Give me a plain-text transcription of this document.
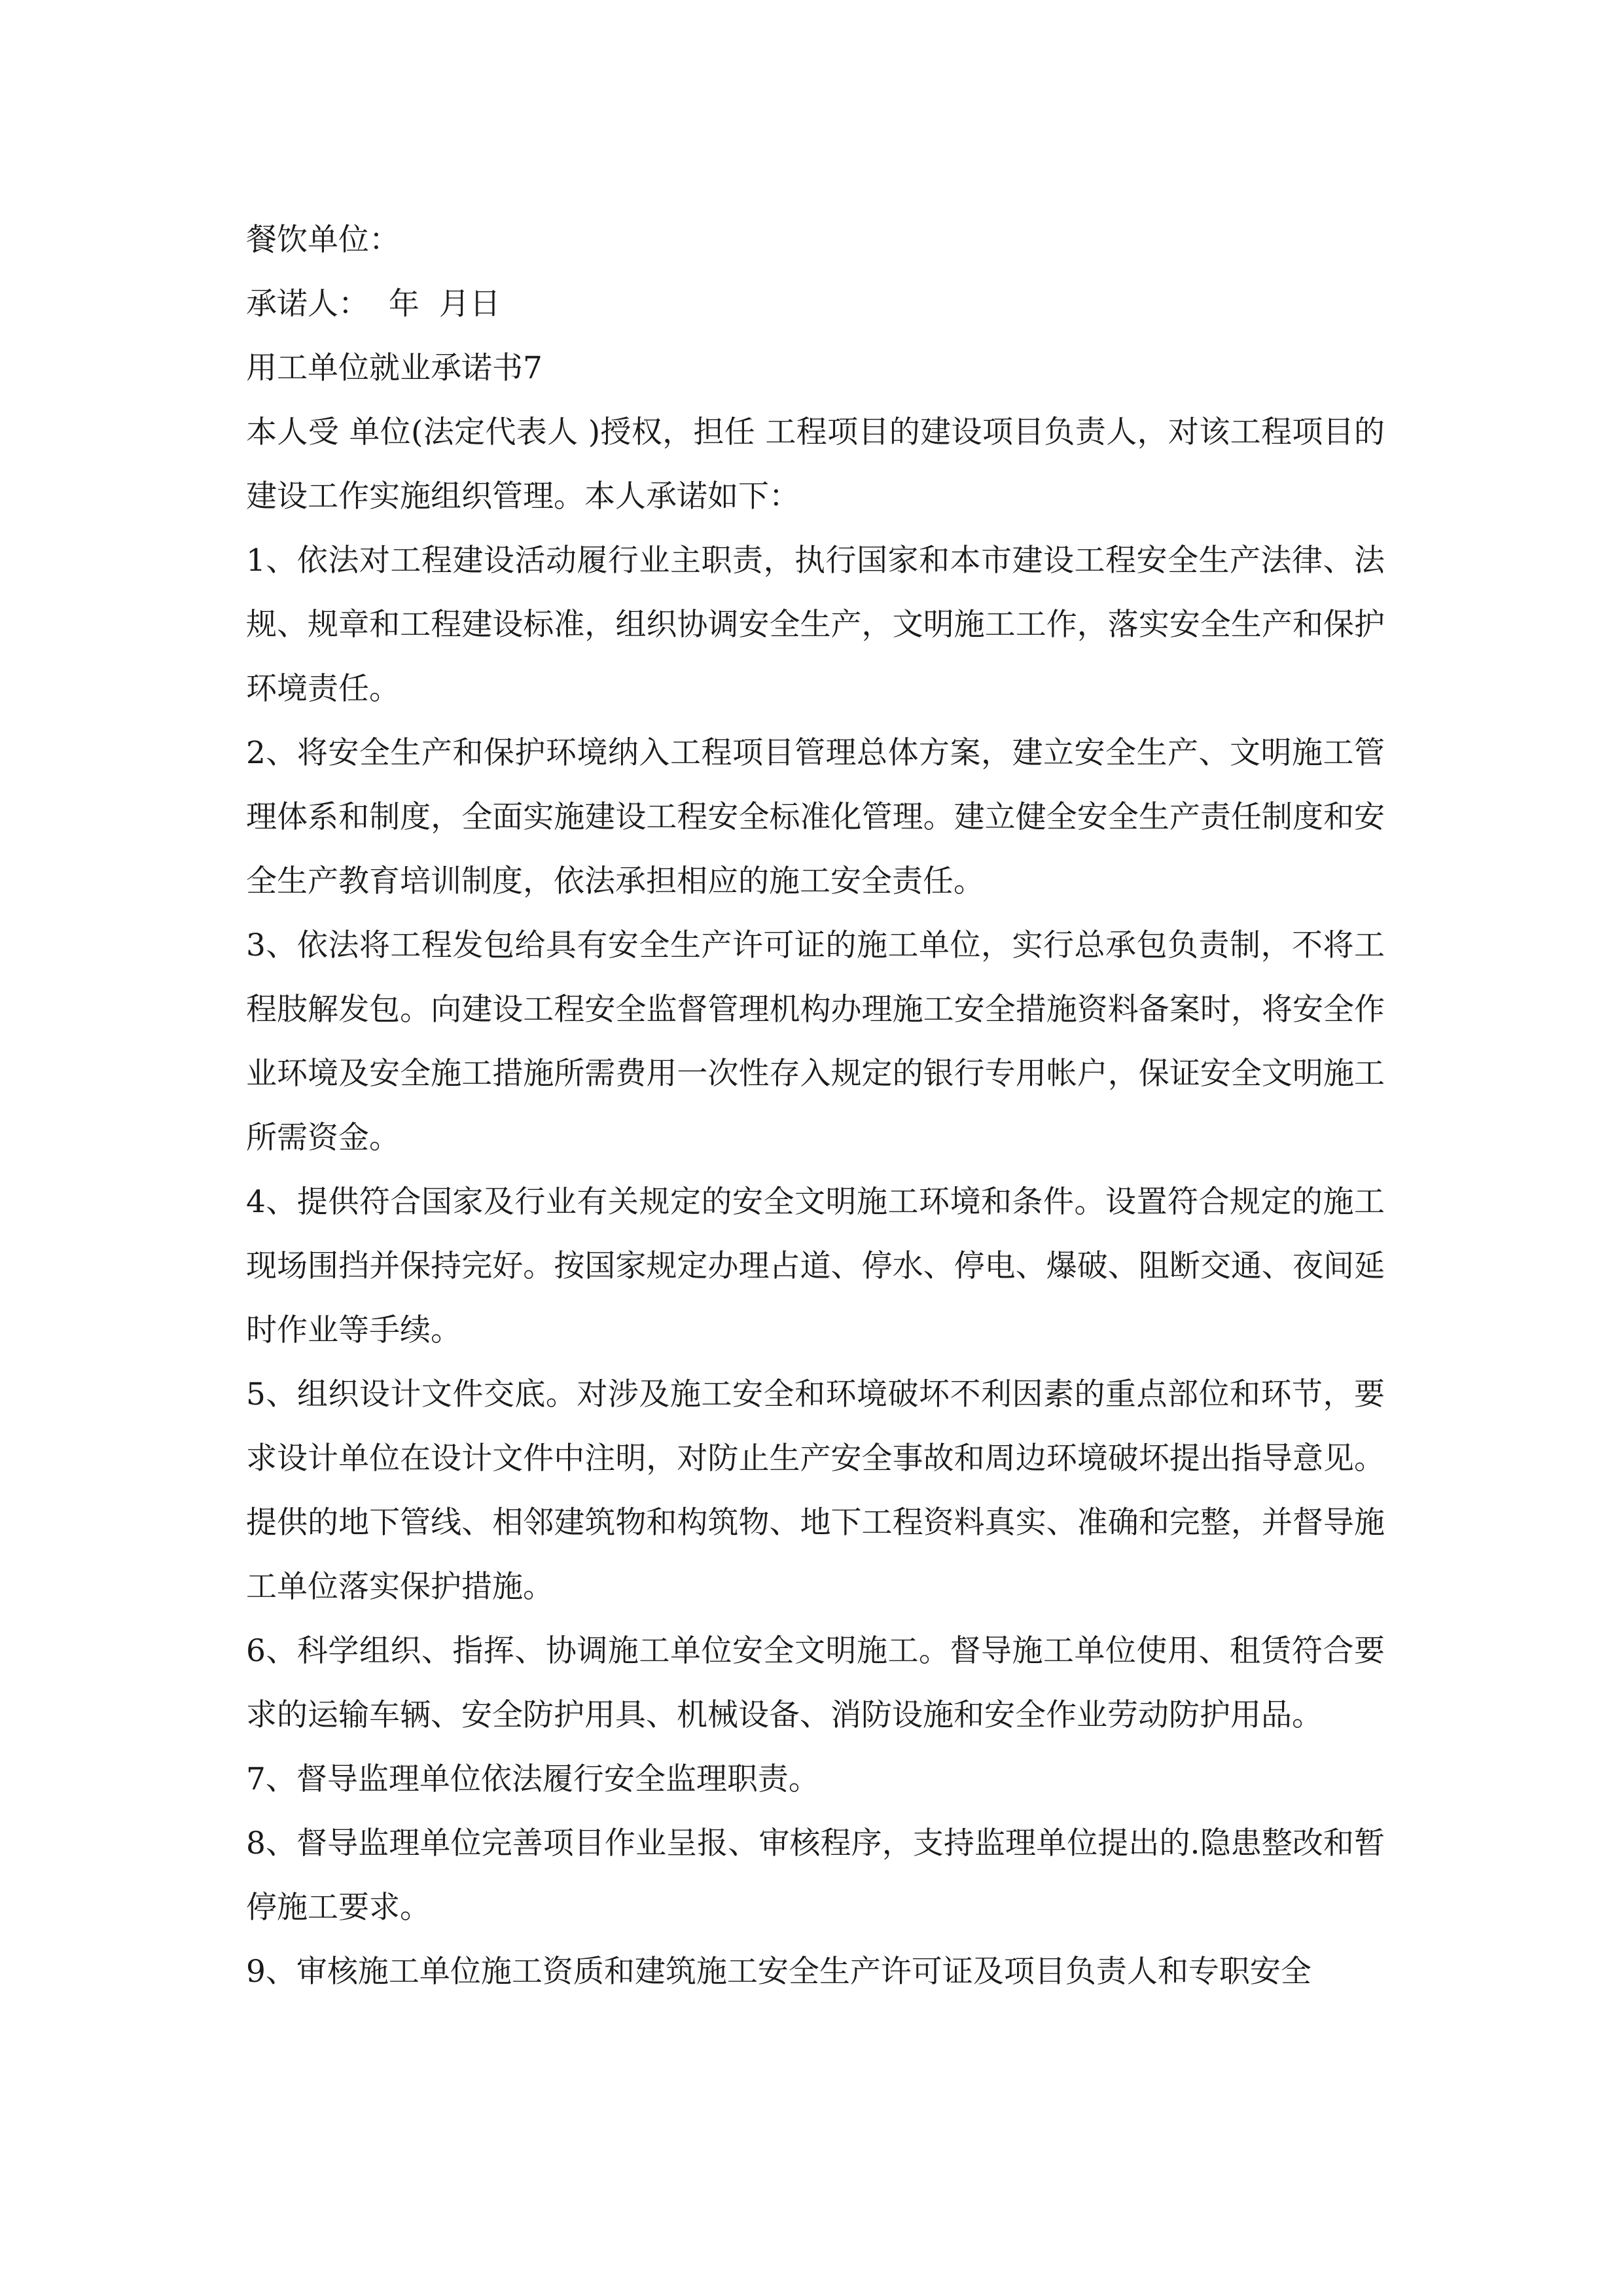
餐饮单位：

承诺人：  年  月日

用工单位就业承诺书7

本人受 单位(法定代表人 )授权，担任 工程项目的建设项目负责人，对该工程项目的建设工作实施组织管理。本人承诺如下：

1、依法对工程建设活动履行业主职责，执行国家和本市建设工程安全生产法律、法规、规章和工程建设标准，组织协调安全生产，文明施工工作，落实安全生产和保护环境责任。

2、将安全生产和保护环境纳入工程项目管理总体方案，建立安全生产、文明施工管理体系和制度，全面实施建设工程安全标准化管理。建立健全安全生产责任制度和安全生产教育培训制度，依法承担相应的施工安全责任。

3、依法将工程发包给具有安全生产许可证的施工单位，实行总承包负责制，不将工程肢解发包。向建设工程安全监督管理机构办理施工安全措施资料备案时，将安全作业环境及安全施工措施所需费用一次性存入规定的银行专用帐户，保证安全文明施工所需资金。

4、提供符合国家及行业有关规定的安全文明施工环境和条件。设置符合规定的施工现场围挡并保持完好。按国家规定办理占道、停水、停电、爆破、阻断交通、夜间延时作业等手续。

5、组织设计文件交底。对涉及施工安全和环境破坏不利因素的重点部位和环节，要求设计单位在设计文件中注明，对防止生产安全事故和周边环境破坏提出指导意见。提供的地下管线、相邻建筑物和构筑物、地下工程资料真实、准确和完整，并督导施工单位落实保护措施。

6、科学组织、指挥、协调施工单位安全文明施工。督导施工单位使用、租赁符合要求的运输车辆、安全防护用具、机械设备、消防设施和安全作业劳动防护用品。

7、督导监理单位依法履行安全监理职责。

8、督导监理单位完善项目作业呈报、审核程序，支持监理单位提出的.隐患整改和暂停施工要求。

9、审核施工单位施工资质和建筑施工安全生产许可证及项目负责人和专职安全
